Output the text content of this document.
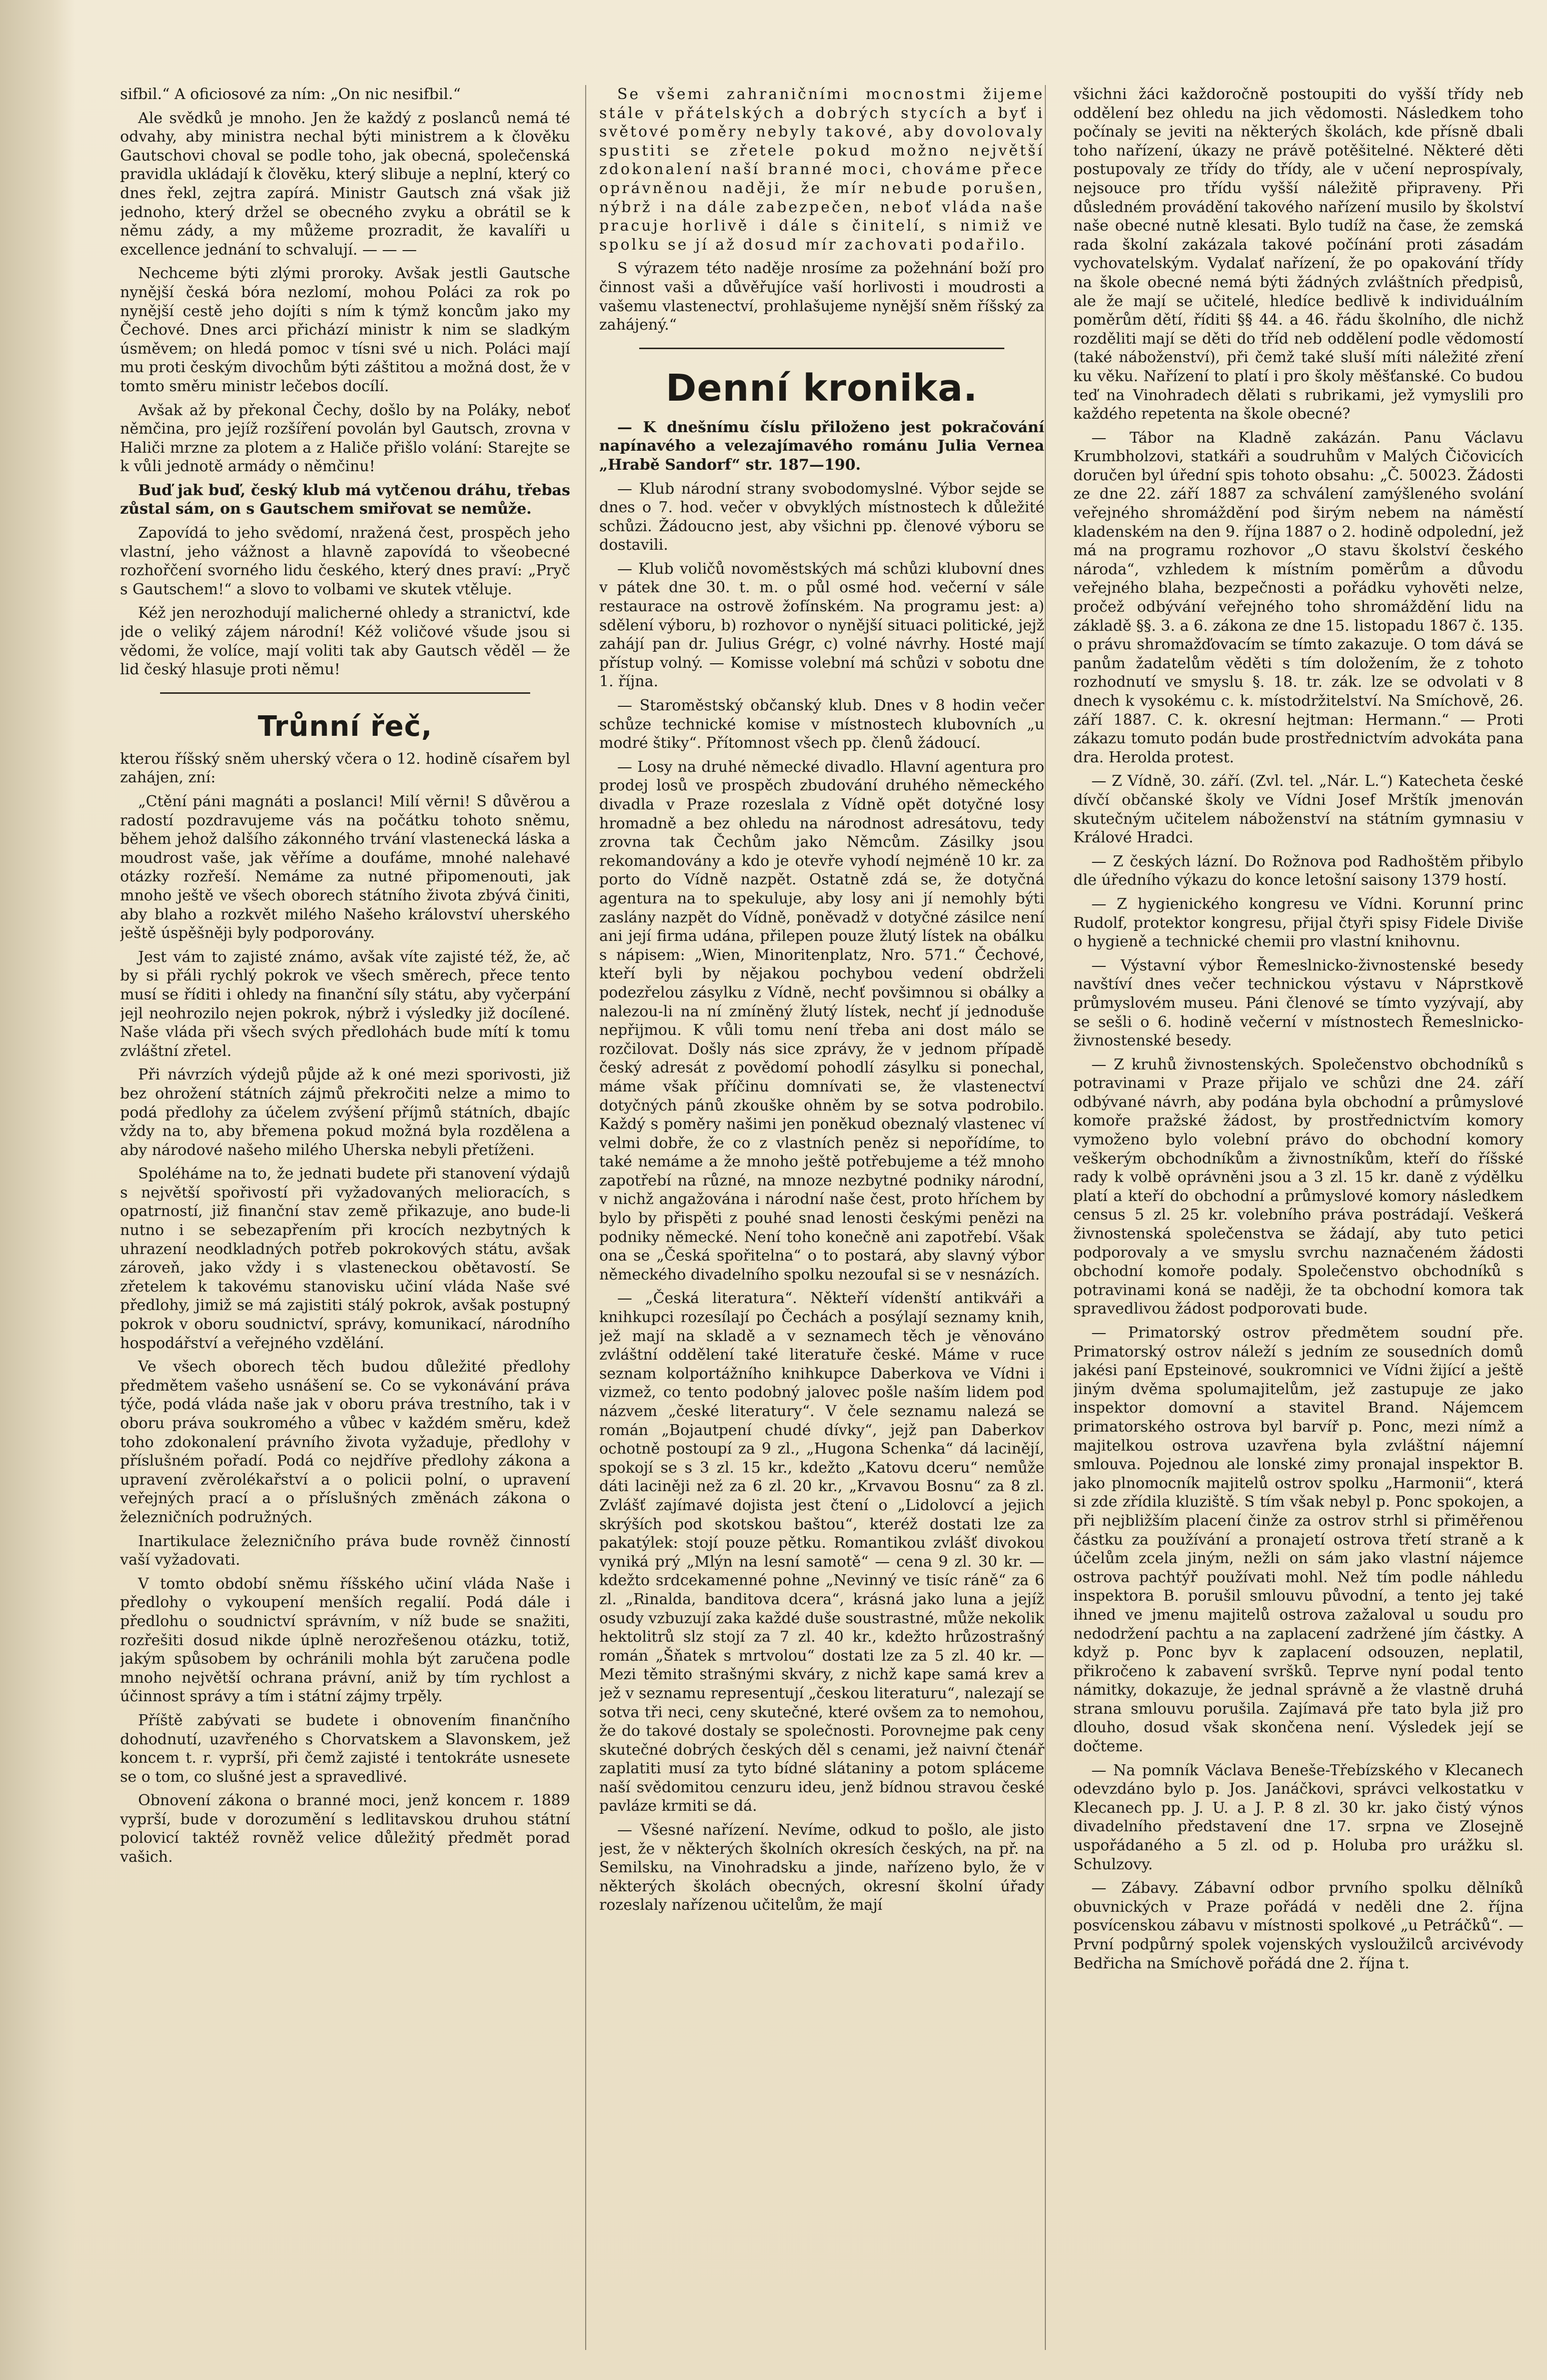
sifbil.“ A oficiosové za ním: „On nic nesifbil.“

Ale svědků je mnoho. Jen že každý z poslanců nemá té odvahy, aby ministra nechal býti ministrem a k člověku Gautschovi choval se podle toho, jak obecná, společenská pravidla ukládají k člověku, který slibuje a neplní, který co dnes řekl, zejtra zapírá. Ministr Gautsch zná však již jednoho, který držel se obecného zvyku a obrátil se k němu zády, a my můžeme prozradit, že kavalíři u excellence jednání to schvalují. — — —

Nechceme býti zlými proroky. Avšak jestli Gautsche nynější česká bóra nezlomí, mohou Poláci za rok po nynější cestě jeho dojíti s ním k týmž koncům jako my Čechové. Dnes arci přichází ministr k nim se sladkým úsměvem; on hledá pomoc v tísni své u nich. Poláci mají mu proti českým divochům býti záštitou a možná dost, že v tomto směru ministr lečebos docílí.

Avšak až by překonal Čechy, došlo by na Poláky, neboť němčina, pro jejíž rozšíření povolán byl Gautsch, zrovna v Haliči mrzne za plotem a z Haliče přišlo volání: Starejte se k vůli jednotě armády o němčinu!

Buď jak buď, český klub má vytčenou dráhu, třebas zůstal sám, on s Gautschem smiřovat se nemůže.

Zapovídá to jeho svědomí, nražená čest, prospěch jeho vlastní, jeho vážnost a hlavně zapovídá to všeobecné rozhořčení svorného lidu českého, který dnes praví: „Pryč s Gautschem!“ a slovo to volbami ve skutek vtěluje.

Kéž jen nerozhodují malicherné ohledy a stranictví, kde jde o veliký zájem národní! Kéž voličové všude jsou si vědomi, že volíce, mají voliti tak aby Gautsch věděl — že lid český hlasuje proti němu!

Trůnní řeč,

kterou říšský sněm uherský včera o 12. hodině císařem byl zahájen, zní:

„Ctění páni magnáti a poslanci! Milí věrni! S důvěrou a radostí pozdravujeme vás na počátku tohoto sněmu, během jehož dalšího zákonného trvání vlastenecká láska a moudrost vaše, jak věříme a doufáme, mnohé nalehavé otázky rozřeší. Nemáme za nutné připomenouti, jak mnoho ještě ve všech oborech státního života zbývá činiti, aby blaho a rozkvět milého Našeho království uherského ještě úspěšněji byly podporovány.

Jest vám to zajisté známo, avšak víte zajisté též, že, ač by si přáli rychlý pokrok ve všech směrech, přece tento musí se říditi i ohledy na finanční síly státu, aby vyčerpání jejl neohrozilo nejen pokrok, nýbrž i výsledky již docílené. Naše vláda při všech svých předlohách bude mítí k tomu zvláštní zřetel.

Při návrzích výdejů půjde až k oné mezi sporivosti, již bez ohrožení státních zájmů překročiti nelze a mimo to podá předlohy za účelem zvýšení příjmů státních, dbajíc vždy na to, aby břemena pokud možná byla rozdělena a aby národové našeho milého Uherska nebyli přetíženi.

Spoléháme na to, že jednati budete při stanovení výdajů s největší spořivostí při vyžadovaných melioracích, s opatrností, již finanční stav země přikazuje, ano bude-li nutno i se sebezapřením při krocích nezbytných k uhrazení neodkladných potřeb pokrokových státu, avšak zároveň, jako vždy i s vlasteneckou obětavostí. Se zřetelem k takovému stanovisku učiní vláda Naše své předlohy, jimiž se má zajistiti stálý pokrok, avšak postupný pokrok v oboru soudnictví, správy, komunikací, národního hospodářství a veřejného vzdělání.

Ve všech oborech těch budou důležité předlohy předmětem vašeho usnášení se. Co se vykonávání práva týče, podá vláda naše jak v oboru práva trestního, tak i v oboru práva soukromého a vůbec v každém směru, kdež toho zdokonalení právního života vyžaduje, předlohy v příslušném pořadí. Podá co nejdříve předlohy zákona a upravení zvěrolékařství a o policii polní, o upravení veřejných prací a o příslušných změnách zákona o železničních podružných.

Inartikulace železničního práva bude rovněž činností vaší vyžadovati.

V tomto období sněmu říšského učiní vláda Naše i předlohy o vykoupení menších regalií. Podá dále i předlohu o soudnictví správním, v níž bude se snažiti, rozřešiti dosud nikde úplně nerozřešenou otázku, totiž, jakým spůsobem by ochránili mohla být zaručena podle mnoho největší ochrana právní, aniž by tím rychlost a účinnost správy a tím i státní zájmy trpěly.

Příště zabývati se budete i obnovením finančního dohodnutí, uzavřeného s Chorvatskem a Slavonskem, jež koncem t. r. vyprší, při čemž zajisté i tentokráte usnesete se o tom, co slušné jest a spravedlivé.

Obnovení zákona o branné moci, jenž koncem r. 1889 vyprší, bude v dorozumění s ledlitavskou druhou státní polovicí taktéž rovněž velice důležitý předmět porad vašich.

Se všemi zahraničními mocnostmi žijeme stále v přátelských a dobrých stycích a byť i světové poměry nebyly takové, aby dovolovaly spustiti se zřetele pokud možno největší zdokonalení naší branné moci, chováme přece oprávněnou naději, že mír nebude porušen, nýbrž i na dále zabezpečen, neboť vláda naše pracuje horlivě i dále s činitelí, s nimiž ve spolku se jí až dosud mír zachovati podařilo.

S výrazem této naděje nrosíme za požehnání boží pro činnost vaši a důvěřujíce vaší horlivosti i moudrosti a vašemu vlastenectví, prohlašujeme nynější sněm říšský za zahájený.“

Denní kronika.

— K dnešnímu číslu přiloženo jest pokračování napínavého a velezajímavého románu Julia Vernea „Hrabě Sandorf“ str. 187—190.

— Klub národní strany svobodomyslné. Výbor sejde se dnes o 7. hod. večer v obvyklých místnostech k důležité schůzi. Žádoucno jest, aby všichni pp. členové výboru se dostavili.

— Klub voličů novoměstských má schůzi klubovní dnes v pátek dne 30. t. m. o půl osmé hod. večerní v sále restaurace na ostrově žofínském. Na programu jest: a) sdělení výboru, b) rozhovor o nynější situaci politické, jejž zahájí pan dr. Julius Grégr, c) volné návrhy. Hosté mají přístup volný. — Komisse volební má schůzi v sobotu dne 1. října.

— Staroměstský občanský klub. Dnes v 8 hodin večer schůze technické komise v místnostech klubovních „u modré štiky“. Přítomnost všech pp. členů žádoucí.

— Losy na druhé německé divadlo. Hlavní agentura pro prodej losů ve prospěch zbudování druhého německého divadla v Praze rozeslala z Vídně opět dotyčné losy hromadně a bez ohledu na národnost adresátovu, tedy zrovna tak Čechům jako Němcům. Zásilky jsou rekomandovány a kdo je otevře vyhodí nejméně 10 kr. za porto do Vídně nazpět. Ostatně zdá se, že dotyčná agentura na to spekuluje, aby losy ani jí nemohly býti zaslány nazpět do Vídně, poněvadž v dotyčné zásilce není ani její firma udána, přilepen pouze žlutý lístek na obálku s nápisem: „Wien, Minoritenplatz, Nro. 571.“ Čechové, kteří byli by nějakou pochybou vedení obdrželi podezřelou zásylku z Vídně, nechť povšimnou si obálky a nalezou-li na ní zmíněný žlutý lístek, nechť jí jednoduše nepřijmou. K vůli tomu není třeba ani dost málo se rozčilovat. Došly nás sice zprávy, že v jednom případě český adresát z povědomí pohodlí zásylku si ponechal, máme však příčinu domnívati se, že vlastenectví dotyčných pánů zkouške ohněm by se sotva podrobilo. Každý s poměry našimi jen poněkud obeznalý vlastenec ví velmi dobře, že co z vlastních peněz si nepořídíme, to také nemáme a že mnoho ještě potřebujeme a též mnoho zapotřebí na různé, na mnoze nezbytné podniky národní, v nichž angažována i národní naše čest, proto hříchem by bylo by přispěti z pouhé snad lenosti českými penězi na podniky německé. Není toho konečně ani zapotřebí. Však ona se „Česká spořitelna“ o to postará, aby slavný výbor německého divadelního spolku nezoufal si se v nesnázích.

— „Česká literatura“. Někteří vídenští antikváři a knihkupci rozesílají po Čechách a posýlají seznamy knih, jež mají na skladě a v seznamech těch je věnováno zvláštní oddělení také literatuře české. Máme v ruce seznam kolportážního knihkupce Daberkova ve Vídni i vizmež, co tento podobný jalovec pošle naším lidem pod názvem „české literatury“. V čele seznamu nalezá se román „Bojautpení chudé dívky“, jejž pan Daberkov ochotně postoupí za 9 zl., „Hugona Schenka“ dá lacinějí, spokojí se s 3 zl. 15 kr., kdežto „Katovu dceru“ nemůže dáti laciněji než za 6 zl. 20 kr., „Krvavou Bosnu“ za 8 zl. Zvlášť zajímavé dojista jest čtení o „Lidolovcí a jejich skrýších pod skotskou baštou“, kteréž dostati lze za pakatýlek: stojí pouze pětku. Romantikou zvlášť divokou vyniká prý „Mlýn na lesní samotě“ — cena 9 zl. 30 kr. — kdežto srdcekamenné pohne „Nevinný ve tisíc ráně“ za 6 zl. „Rinalda, banditova dcera“, krásná jako luna a jejíž osudy vzbuzují zaka každé duše soustrastné, může nekolik hektolitrů slz stojí za 7 zl. 40 kr., kdežto hrůzostrašný román „Šňatek s mrtvolou“ dostati lze za 5 zl. 40 kr. — Mezi těmito strašnými skváry, z nichž kape samá krev a jež v seznamu representují „českou literaturu“, nalezají se sotva tři neci, ceny skutečné, které ovšem za to nemohou, že do takové dostaly se společnosti. Porovnejme pak ceny skutečné dobrých českých děl s cenami, jež naivní čtenář zaplatiti musí za tyto bídné slátaniny a potom spláceme naší svědomitou cenzuru ideu, jenž bídnou stravou české pavláze krmiti se dá.

— Všesné nařízení. Nevíme, odkud to pošlo, ale jisto jest, že v některých školních okresích českých, na př. na Semilsku, na Vinohradsku a jinde, nařízeno bylo, že v některých školách obecných, okresní školní úřady rozeslaly nařízenou učitelům, že mají

všichni žáci každoročně postoupiti do vyšší třídy neb oddělení bez ohledu na jich vědomosti. Následkem toho počínaly se jeviti na některých školách, kde přísně dbali toho nařízení, úkazy ne právě potěšitelné. Některé děti postupovaly ze třídy do třídy, ale v učení neprospívaly, nejsouce pro třídu vyšší náležitě připraveny. Při důsledném provádění takového nařízení musilo by školství naše obecné nutně klesati. Bylo tudíž na čase, že zemská rada školní zakázala takové počínání proti zásadám vychovatelským. Vydalať nařízení, že po opakování třídy na škole obecné nemá býti žádných zvláštních předpisů, ale že mají se učitelé, hledíce bedlivě k individuálním poměrům dětí, říditi §§ 44. a 46. řádu školního, dle nichž rozděliti mají se děti do tříd neb oddělení podle vědomostí (také náboženství), při čemž také sluší míti náležité zření ku věku. Nařízení to platí i pro školy měšťanské. Co budou teď na Vinohradech dělati s rubrikami, jež vymyslili pro každého repetenta na škole obecné?

— Tábor na Kladně zakázán. Panu Václavu Krumbholzovi, statkáři a soudruhům v Malých Čičovicích doručen byl úřední spis tohoto obsahu: „Č. 50023. Žádosti ze dne 22. září 1887 za schválení zamýšleného svolání veřejného shromáždění pod širým nebem na náměstí kladenském na den 9. října 1887 o 2. hodině odpolední, jež má na programu rozhovor „O stavu školství českého národa“, vzhledem k místním poměrům a důvodu veřejného blaha, bezpečnosti a pořádku vyhověti nelze, pročež odbývání veřejného toho shromáždění lidu na základě §§. 3. a 6. zákona ze dne 15. listopadu 1867 č. 135. o právu shromažďovacím se tímto zakazuje. O tom dává se panům žadatelům věděti s tím doložením, že z tohoto rozhodnutí ve smyslu §. 18. tr. zák. lze se odvolati v 8 dnech k vysokému c. k. místodržitelství. Na Smíchově, 26. září 1887. C. k. okresní hejtman: Hermann.“ — Proti zákazu tomuto podán bude prostřednictvím advokáta pana dra. Herolda protest.

— Z Vídně, 30. září. (Zvl. tel. „Nár. L.“) Katecheta české dívčí občanské školy ve Vídni Josef Mrštík jmenován skutečným učitelem náboženství na státním gymnasiu v Králové Hradci.

— Z českých lázní. Do Rožnova pod Radhoštěm přibylo dle úředního výkazu do konce letošní saisony 1379 hostí.

— Z hygienického kongresu ve Vídni. Korunní princ Rudolf, protektor kongresu, přijal čtyři spisy Fidele Diviše o hygieně a technické chemii pro vlastní knihovnu.

— Výstavní výbor Řemeslnicko-živnostenské besedy navštíví dnes večer technickou výstavu v Náprstkově průmyslovém museu. Páni členové se tímto vyzývají, aby se sešli o 6. hodině večerní v místnostech Řemeslnicko-živnostenské besedy.

— Z kruhů živnostenských. Společenstvo obchodníků s potravinami v Praze přijalo ve schůzi dne 24. září odbývané návrh, aby podána byla obchodní a průmyslové komoře pražské žádost, by prostřednictvím komory vymoženo bylo volební právo do obchodní komory veškerým obchodníkům a živnostníkům, kteří do říšské rady k volbě oprávněni jsou a 3 zl. 15 kr. daně z výdělku platí a kteří do obchodní a průmyslové komory následkem census 5 zl. 25 kr. volebního práva postrádají. Veškerá živnostenská společenstva se žádají, aby tuto petici podporovaly a ve smyslu svrchu naznačeném žádosti obchodní komoře podaly. Společenstvo obchodníků s potravinami koná se naději, že ta obchodní komora tak spravedlivou žádost podporovati bude.

— Primatorský ostrov předmětem soudní pře. Primatorský ostrov náleží s jedním ze sousedních domů jakési paní Epsteinové, soukromnici ve Vídni žijící a ještě jiným dvěma spolumajitelům, jež zastupuje ze jako inspektor domovní a stavitel Brand. Nájemcem primatorského ostrova byl barvíř p. Ponc, mezi nímž a majitelkou ostrova uzavřena byla zvláštní nájemní smlouva. Pojednou ale lonské zimy pronajal inspektor B. jako plnomocník majitelů ostrov spolku „Harmonii“, která si zde zřídila kluziště. S tím však nebyl p. Ponc spokojen, a při nejbližším placení činže za ostrov strhl si přiměřenou částku za používání a pronajetí ostrova třetí straně a k účelům zcela jiným, nežli on sám jako vlastní nájemce ostrova pachtýř používati mohl. Než tím podle náhledu inspektora B. porušil smlouvu původní, a tento jej také ihned ve jmenu majitelů ostrova zažaloval u soudu pro nedodržení pachtu a na zaplacení zadržené jím částky. A když p. Ponc byv k zaplacení odsouzen, neplatil, přikročeno k zabavení svršků. Teprve nyní podal tento námitky, dokazuje, že jednal správně a že vlastně druhá strana smlouvu porušila. Zajímavá pře tato byla již pro dlouho, dosud však skončena není. Výsledek její se dočteme.

— Na pomník Václava Beneše-Třebízského v Klecanech odevzdáno bylo p. Jos. Janáčkovi, správci velkostatku v Klecanech pp. J. U. a J. P. 8 zl. 30 kr. jako čistý výnos divadelního představení dne 17. srpna ve Zlosejně uspořádaného a 5 zl. od p. Holuba pro urážku sl. Schulzovy.

— Zábavy. Zábavní odbor prvního spolku dělníků obuvnických v Praze pořádá v neděli dne 2. října posvícenskou zábavu v místnosti spolkové „u Petráčků“. — První podpůrný spolek vojenských vysloužilců arcivévody Bedřicha na Smíchově pořádá dne 2. října t.
